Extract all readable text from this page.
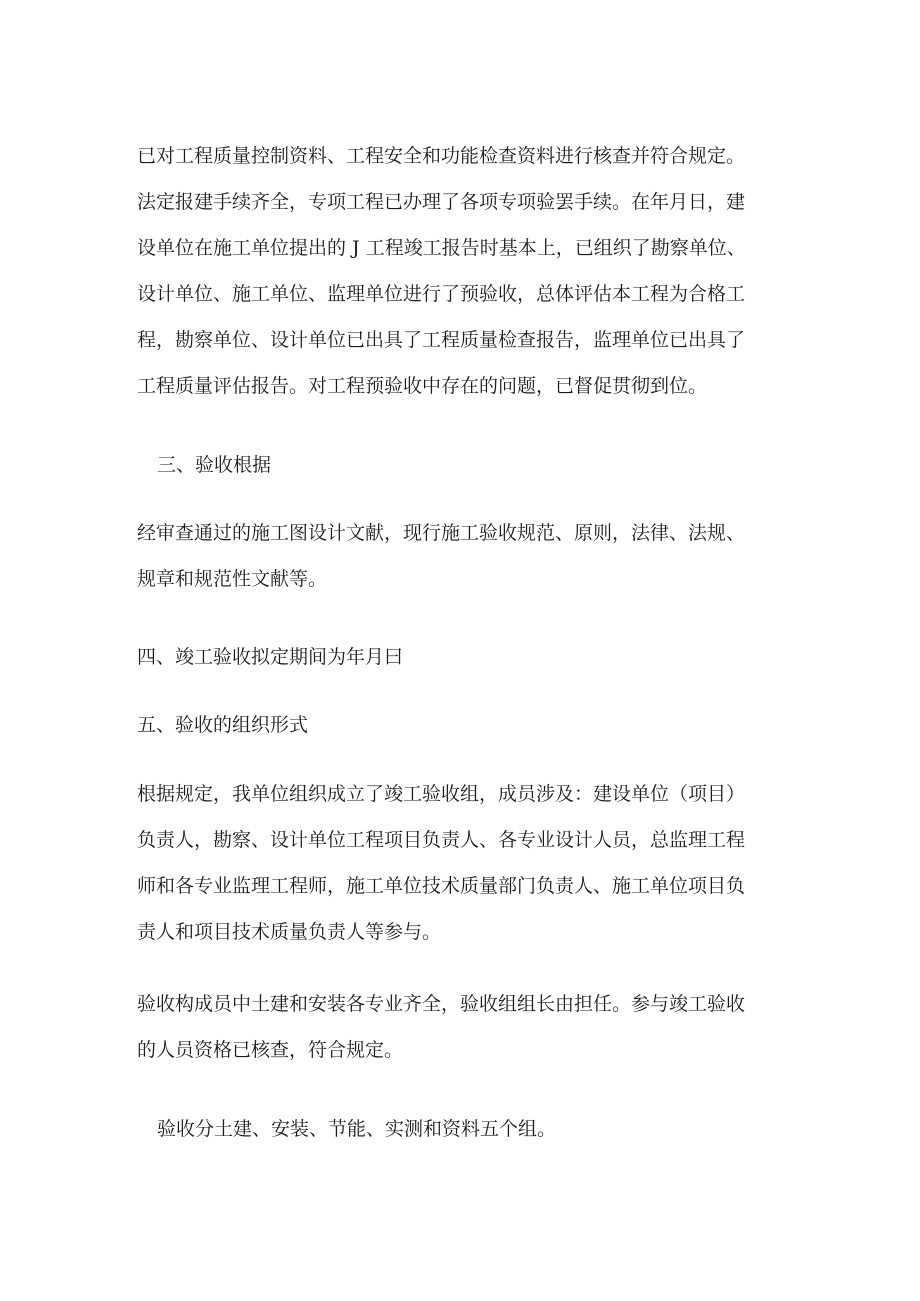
已对工程质量控制资料、工程安全和功能检查资料进行核查并符合规定。
法定报建手续齐全，专项工程已办理了各项专项验罢手续。在年月日，建
设单位在施工单位提出的 J 工程竣工报告时基本上，已组织了勘察单位、
设计单位、施工单位、监理单位进行了预验收，总体评估本工程为合格工
程，勘察单位、设计单位已出具了工程质量检查报告，监理单位已出具了
工程质量评估报告。对工程预验收中存在的问题，已督促贯彻到位。
三、验收根据
经审查通过的施工图设计文献，现行施工验收规范、原则，法律、法规、
规章和规范性文献等。
四、竣工验收拟定期间为年月曰
五、验收的组织形式
根据规定，我单位组织成立了竣工验收组，成员涉及：建设单位（项目）
负责人，勘察、设计单位工程项目负责人、各专业设计人员，总监理工程
师和各专业监理工程师，施工单位技术质量部门负责人、施工单位项目负
责人和项目技术质量负责人等参与。
验收构成员中土建和安装各专业齐全，验收组组长由担任。参与竣工验收
的人员资格已核查，符合规定。
验收分土建、安装、节能、实测和资料五个组。
